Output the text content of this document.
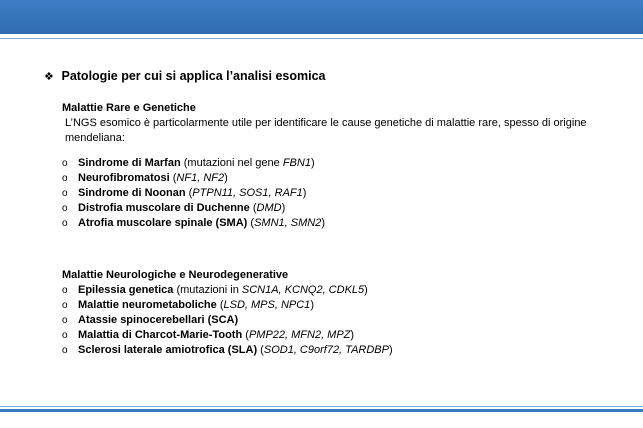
❖ Patologie per cui si applica l’analisi esomica
Malattie Rare e Genetiche
L’NGS esomico è particolarmente utile per identificare le cause genetiche di malattie rare, spesso di origine mendeliana:
o Sindrome di Marfan (mutazioni nel gene FBN1)
o Neurofibromatosi (NF1, NF2)
o Sindrome di Noonan (PTPN11, SOS1, RAF1)
o Distrofia muscolare di Duchenne (DMD)
o Atrofia muscolare spinale (SMA) (SMN1, SMN2)
Malattie Neurologiche e Neurodegenerative
o Epilessia genetica (mutazioni in SCN1A, KCNQ2, CDKL5)
o Malattie neurometaboliche (LSD, MPS, NPC1)
o Atassie spinocerebellari (SCA)
o Malattia di Charcot-Marie-Tooth (PMP22, MFN2, MPZ)
o Sclerosi laterale amiotrofica (SLA) (SOD1, C9orf72, TARDBP)
